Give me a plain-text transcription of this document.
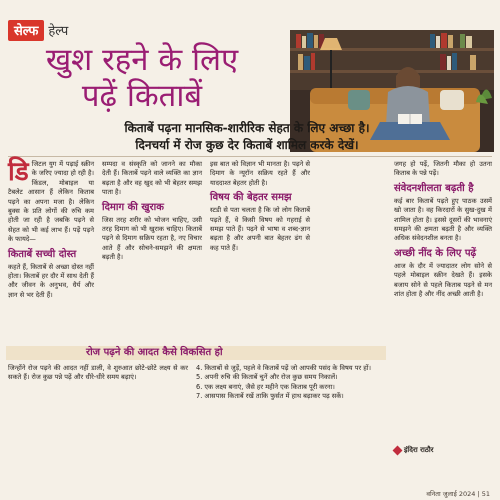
सेल्फ हेल्प
खुश रहने के लिए
पढ़ें किताबें
किताबें पढ़ना मानसिक-शारीरिक सेहत के लिए अच्छा है।
दिनचर्या में रोज कुछ देर किताबें शामिल करके देखें।

डिजिटल युग में पढ़ाई स्क्रीन के जरिए ज्यादा हो रही है। किंडल, मोबाइल या टैबलेट आसान हैं लेकिन किताब पढ़ने का अपना मजा है। लेकिन बुक्स के प्रति लोगों की रुचि कम होती जा रही है जबकि पढ़ने से सेहत को भी कई लाभ हैं। पढ़ें पढ़ने के फायदे—

किताबें सच्ची दोस्त

कहते हैं, किताबें से अच्छा दोस्त नहीं होता। किताबें हर दौर में साथ देती हैं और जीवन के अनुभव, धैर्य और ज्ञान से भर देती हैं।

सम्पदा व संस्कृति को जानने का मौका देती हैं। किताबें पढ़ने वाले व्यक्ति का ज्ञान बढ़ता है और वह खुद को भी बेहतर समझ पाता है।

दिमाग की खुराक

जिस तरह शरीर को भोजन चाहिए, उसी तरह दिमाग को भी खुराक चाहिए। किताबें पढ़ने से दिमाग सक्रिय रहता है, नए विचार आते हैं और सोचने-समझने की क्षमता बढ़ती है।

इस बात को विज्ञान भी मानता है। पढ़ने से दिमाग के न्यूरॉन सक्रिय रहते हैं और याददाश्त बेहतर होती है।

विषय की बेहतर समझ

स्टडी से पता चलता है कि जो लोग किताबें पढ़ते हैं, वे किसी विषय को गहराई से समझ पाते हैं। पढ़ने से भाषा व शब्द-ज्ञान बढ़ता है और अपनी बात बेहतर ढंग से कह पाते हैं।

जगह हो पढ़ें, जितनी मौका हो उतना किताब के पन्ने पढ़ें।

संवेदनशीलता बढ़ती है

कई बार किताबें पढ़ते हुए पाठक उसमें खो जाता है। वह किरदारों के सुख-दुख में शामिल होता है। इससे दूसरों की भावनाएं समझने की क्षमता बढ़ती है और व्यक्ति अधिक संवेदनशील बनता है।

अच्छी नींद के लिए पढ़ें

आज के दौर में ज्यादातर लोग सोने से पहले मोबाइल स्क्रीन देखते हैं। इसके बजाय सोने से पहले किताब पढ़ने से मन शांत होता है और नींद अच्छी आती है।

रोज पढ़ने की आदत कैसे विकसित हो

जिन्होंने रोज पढ़ने की आदत नहीं डाली, वे शुरुआत छोटे-छोटे लक्ष्य से कर सकते हैं। रोज कुछ पन्ने पढ़ें और धीरे-धीरे समय बढ़ाएं।

4. किताबों से जुड़ें, पहले वे किताबें पढ़ें जो आपकी पसंद के विषय पर हों।

5. अपनी रुचि की किताबें चुनें और रोज कुछ समय निकालें।

6. एक लक्ष्य बनाएं, जैसे हर महीने एक किताब पूरी करना।

7. आसपास किताबें रखें ताकि फुर्सत में हाथ बढ़ाकर पढ़ सकें।

इंदिरा राठौर
वनिता जुलाई 2024 | 51
